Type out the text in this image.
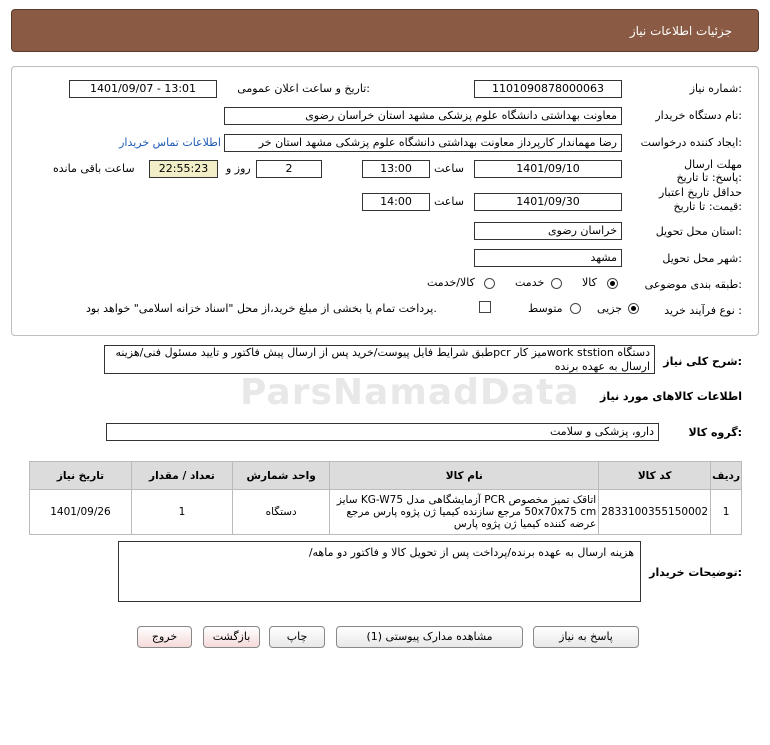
جزئیات اطلاعات نیاز
شماره نیاز:
1101090878000063
تاریخ و ساعت اعلان عمومی:
1401/09/07 - 13:01
نام دستگاه خریدار:
معاونت بهداشتی دانشگاه علوم پزشکی مشهد استان خراسان رضوی
ایجاد کننده درخواست:
رضا مهماندار کارپرداز معاونت بهداشتی دانشگاه علوم پزشکی مشهد استان خر
اطلاعات تماس خریدار
مهلت ارسال پاسخ: تا تاریخ:
1401/09/10
ساعت
13:00
2
روز و
22:55:23
ساعت باقی مانده
حداقل تاریخ اعتبار
قیمت: تا تاریخ:
1401/09/30
ساعت
14:00
استان محل تحویل:
خراسان رضوی
شهر محل تحویل:
مشهد
طبقه بندی موضوعی:
کالا
خدمت
کالا/خدمت
نوع فرآیند خرید :
جزیی
متوسط
پرداخت تمام یا بخشی از مبلغ خرید،از محل "اسناد خزانه اسلامی" خواهد بود.
شرح کلی نیاز:
دستگاه work ststionمیز کار pcrطبق شرایط فایل پیوست/خرید پس از ارسال پیش فاکتور و تایید مسئول فنی/هزینه ارسال به عهده برنده
ParsNamadData اطلاعات کالاهای مورد نیاز
گروه کالا:
دارو، پزشکی و سلامت
ردیف	کد کالا	نام کالا	واحد شمارش	تعداد / مقدار	تاریخ نیاز
1	2833100355150002	اتاقک تمیز مخصوص PCR آزمایشگاهی مدل KG-W75 سایز 50x70x75 cm مرجع سازنده کیمیا ژن پژوه پارس مرجع عرضه کننده کیمیا ژن پژوه پارس	دستگاه	1	1401/09/26
توضیحات خریدار:
هزینه ارسال به عهده برنده/پرداخت پس از تحویل کالا و فاکتور دو ماهه/
پاسخ به نیاز
مشاهده مدارک پیوستی (1)
چاپ
بازگشت
خروج
